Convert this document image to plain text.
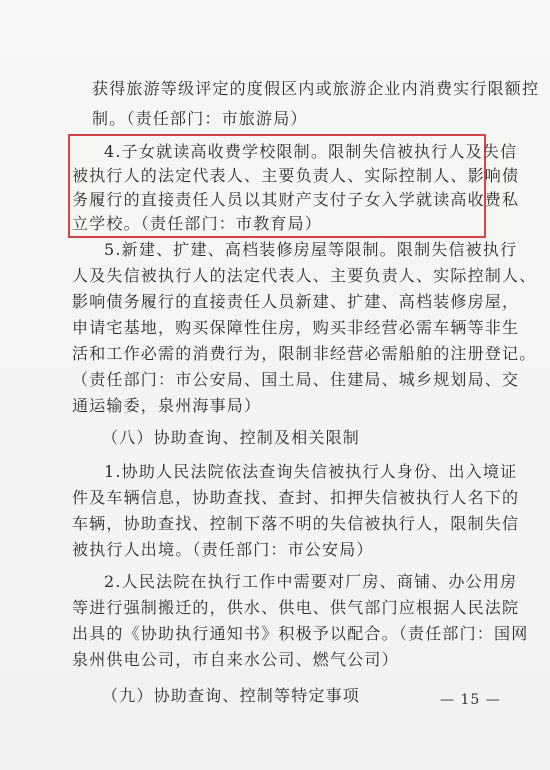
获得旅游等级评定的度假区内或旅游企业内消费实行限额控
制。（责任部门：市旅游局）
4.子女就读高收费学校限制。限制失信被执行人及失信
被执行人的法定代表人、主要负责人、实际控制人、影响债
务履行的直接责任人员以其财产支付子女入学就读高收费私
立学校。（责任部门：市教育局）
5.新建、扩建、高档装修房屋等限制。限制失信被执行
人及失信被执行人的法定代表人、主要负责人、实际控制人、
影响债务履行的直接责任人员新建、扩建、高档装修房屋，
申请宅基地，购买保障性住房，购买非经营必需车辆等非生
活和工作必需的消费行为，限制非经营必需船舶的注册登记。
（责任部门：市公安局、国土局、住建局、城乡规划局、交
通运输委，泉州海事局）
（八）协助查询、控制及相关限制
1.协助人民法院依法查询失信被执行人身份、出入境证
件及车辆信息，协助查找、查封、扣押失信被执行人名下的
车辆，协助查找、控制下落不明的失信被执行人，限制失信
被执行人出境。（责任部门：市公安局）
2.人民法院在执行工作中需要对厂房、商铺、办公用房
等进行强制搬迁的，供水、供电、供气部门应根据人民法院
出具的《协助执行通知书》积极予以配合。（责任部门：国网
泉州供电公司，市自来水公司、燃气公司）
（九）协助查询、控制等特定事项	— 15 —
